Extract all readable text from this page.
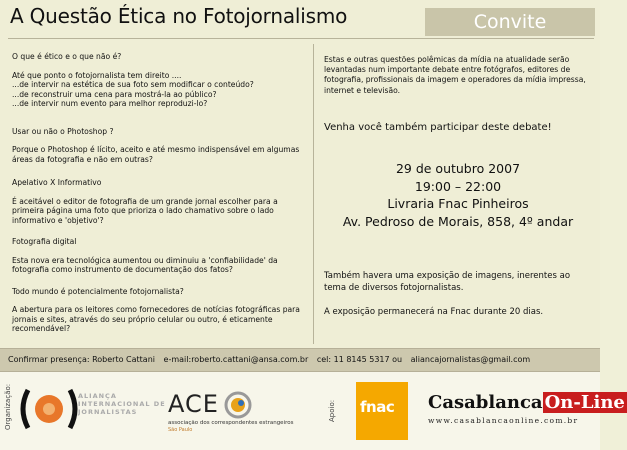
A Questão Ética no Fotojornalismo	Convite

O que é ético e o que não é?

Até que ponto o fotojornalista tem direito ....
...de intervir na estética de sua foto sem modificar o conteúdo?
...de reconstruir uma cena para mostrá-la ao público?
...de intervir num evento para melhor reproduzi-lo?

Usar ou não o Photoshop ?

Porque o Photoshop é lícito, aceito e até mesmo indispensável em algumas áreas da fotografia e não em outras?

Apelativo X Informativo

É aceitável o editor de fotografia de um grande jornal escolher para a primeira página uma foto que prioriza o lado chamativo sobre o lado informativo e 'objetivo'?

Fotografia digital

Esta nova era tecnológica aumentou ou diminuiu a 'confiabilidade' da fotografia como instrumento de documentação dos fatos?

Todo mundo é potencialmente fotojornalista?

A abertura para os leitores como fornecedores de notícias fotográficas para jornais e sites, através do seu próprio celular ou outro, é eticamente recomendável?

Estas e outras questões polêmicas da mídia na atualidade serão levantadas num importante debate entre fotógrafos, editores de fotografia, profissionais da imagem e operadores da mídia impressa, internet e televisão.

Venha você também participar deste debate!
29 de outubro 2007
19:00 – 22:00
Livraria Fnac Pinheiros
Av. Pedroso de Morais, 858, 4º andar

Também havera uma exposição de imagens, inerentes ao tema de diversos fotojornalistas.

A exposição permanecerá na Fnac durante 20 dias.

Confirmar presença: Roberto Cattani e-mail:roberto.cattani@ansa.com.br cel: 11 8145 5317 ou aliancajornalistas@gmail.com
Organização:	ALIANÇA
INTERNACIONAL DE
JORNALISTAS	ACE
associação dos correspondentes estrangeiros
São Paulo
Apoio: fnac Casablanca On-Line
www.casablancaonline.com.br
